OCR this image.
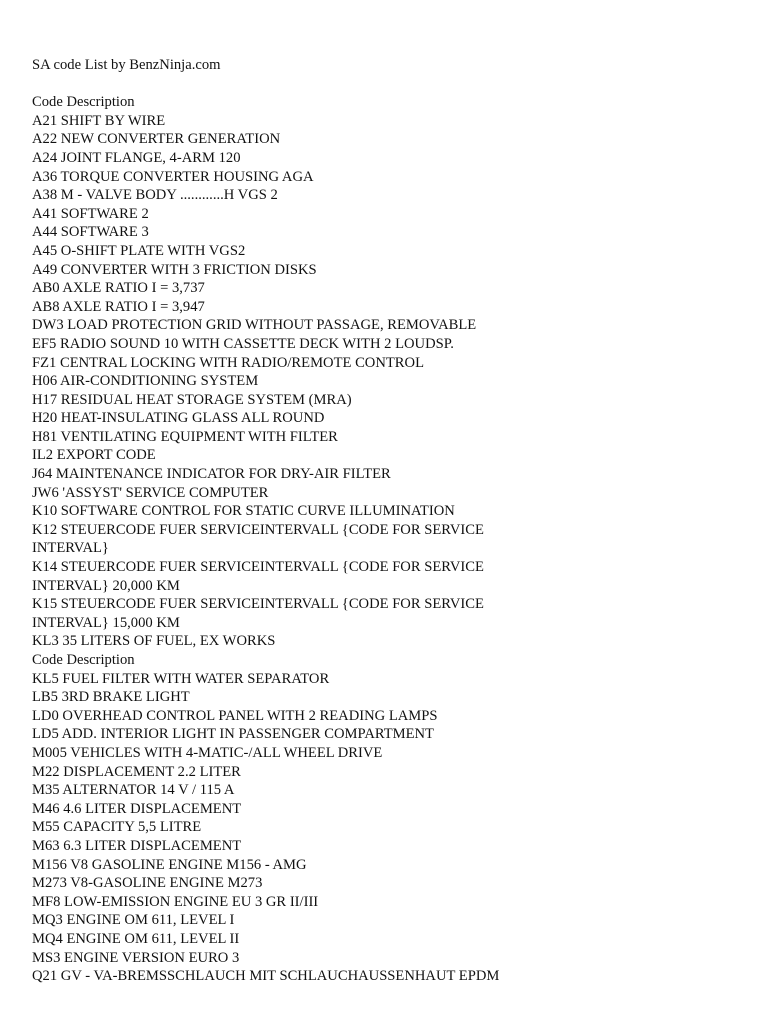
SA code List by BenzNinja.com
Code Description
A21 SHIFT BY WIRE
A22 NEW CONVERTER GENERATION
A24 JOINT FLANGE, 4-ARM 120
A36 TORQUE CONVERTER HOUSING AGA
A38 M - VALVE BODY ............H VGS 2
A41 SOFTWARE 2
A44 SOFTWARE 3
A45 O-SHIFT PLATE WITH VGS2
A49 CONVERTER WITH 3 FRICTION DISKS
AB0 AXLE RATIO I = 3,737
AB8 AXLE RATIO I = 3,947
DW3 LOAD PROTECTION GRID WITHOUT PASSAGE, REMOVABLE
EF5 RADIO SOUND 10 WITH CASSETTE DECK WITH 2 LOUDSP.
FZ1 CENTRAL LOCKING WITH RADIO/REMOTE CONTROL
H06 AIR-CONDITIONING SYSTEM
H17 RESIDUAL HEAT STORAGE SYSTEM (MRA)
H20 HEAT-INSULATING GLASS ALL ROUND
H81 VENTILATING EQUIPMENT WITH FILTER
IL2 EXPORT CODE
J64 MAINTENANCE INDICATOR FOR DRY-AIR FILTER
JW6 'ASSYST' SERVICE COMPUTER
K10 SOFTWARE CONTROL FOR STATIC CURVE ILLUMINATION
K12 STEUERCODE FUER SERVICEINTERVALL {CODE FOR SERVICE
INTERVAL}
K14 STEUERCODE FUER SERVICEINTERVALL {CODE FOR SERVICE
INTERVAL} 20,000 KM
K15 STEUERCODE FUER SERVICEINTERVALL {CODE FOR SERVICE
INTERVAL} 15,000 KM
KL3 35 LITERS OF FUEL, EX WORKS
Code Description
KL5 FUEL FILTER WITH WATER SEPARATOR
LB5 3RD BRAKE LIGHT
LD0 OVERHEAD CONTROL PANEL WITH 2 READING LAMPS
LD5 ADD. INTERIOR LIGHT IN PASSENGER COMPARTMENT
M005 VEHICLES WITH 4-MATIC-/ALL WHEEL DRIVE
M22 DISPLACEMENT 2.2 LITER
M35 ALTERNATOR 14 V / 115 A
M46 4.6 LITER DISPLACEMENT
M55 CAPACITY 5,5 LITRE
M63 6.3 LITER DISPLACEMENT
M156 V8 GASOLINE ENGINE M156 - AMG
M273 V8-GASOLINE ENGINE M273
MF8 LOW-EMISSION ENGINE EU 3 GR II/III
MQ3 ENGINE OM 611, LEVEL I
MQ4 ENGINE OM 611, LEVEL II
MS3 ENGINE VERSION EURO 3
Q21 GV - VA-BREMSSCHLAUCH MIT SCHLAUCHAUSSENHAUT EPDM
